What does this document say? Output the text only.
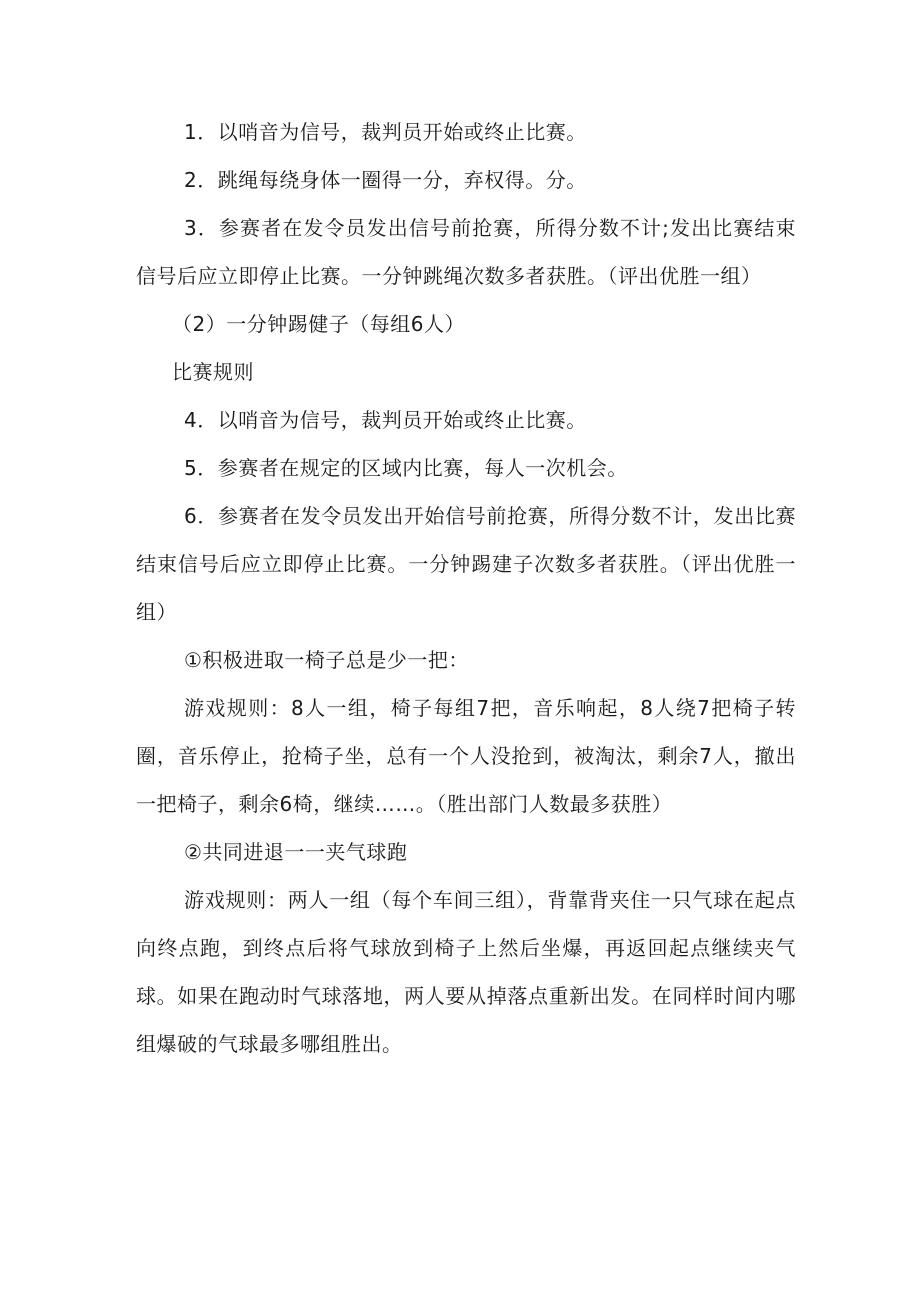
1．以哨音为信号，裁判员开始或终止比赛。

2．跳绳每绕身体一圈得一分，弃权得。分。

3．参赛者在发令员发出信号前抢赛，所得分数不计;发出比赛结束信号后应立即停止比赛。一分钟跳绳次数多者获胜。（评出优胜一组）

（2）一分钟踢健子（每组6人）

比赛规则

4．以哨音为信号，裁判员开始或终止比赛。

5．参赛者在规定的区域内比赛，每人一次机会。

6．参赛者在发令员发出开始信号前抢赛，所得分数不计，发出比赛结束信号后应立即停止比赛。一分钟踢建子次数多者获胜。（评出优胜一组）

①积极进取一椅子总是少一把：

游戏规则：8人一组，椅子每组7把，音乐响起，8人绕7把椅子转圈，音乐停止，抢椅子坐，总有一个人没抢到，被淘汰，剩余7人，撤出一把椅子，剩余6椅，继续……。（胜出部门人数最多获胜）

②共同进退一一夹气球跑

游戏规则：两人一组（每个车间三组），背靠背夹住一只气球在起点向终点跑，到终点后将气球放到椅子上然后坐爆，再返回起点继续夹气球。如果在跑动时气球落地，两人要从掉落点重新出发。在同样时间内哪组爆破的气球最多哪组胜出。
